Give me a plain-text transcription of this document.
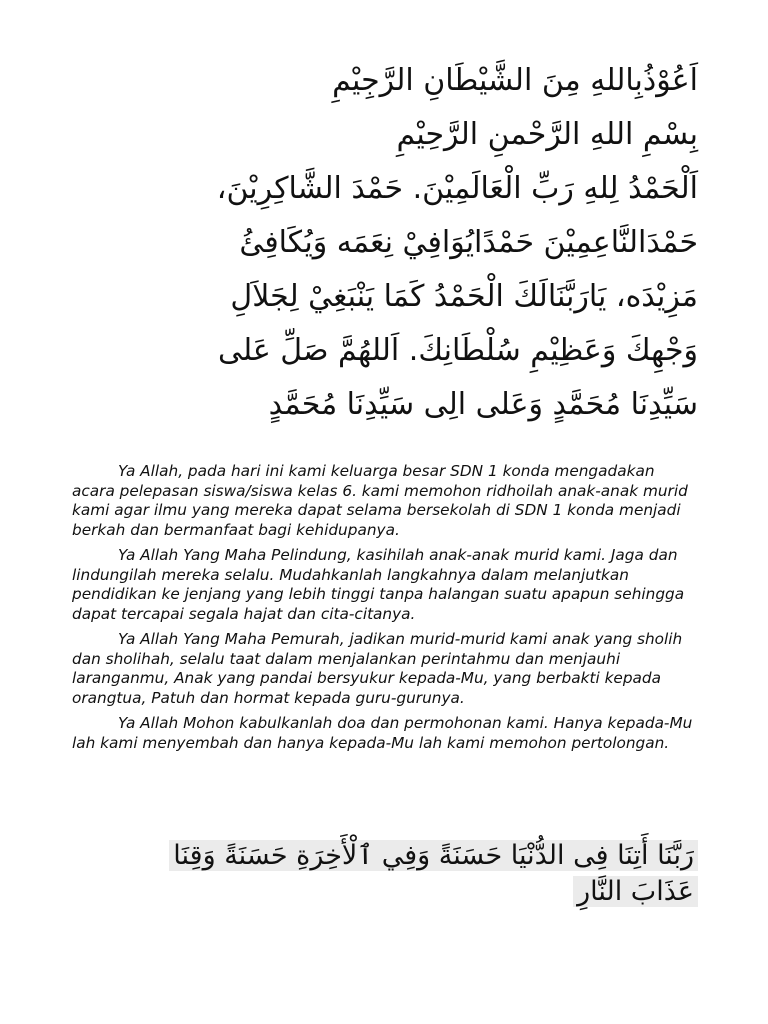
اَعُوْذُبِاللهِ مِنَ الشَّيْطَانِ الرَّجِيْمِ
بِسْمِ اللهِ الرَّحْمنِ الرَّحِيْمِ
اَلْحَمْدُ لِلهِ رَبِّ الْعَالَمِيْنَ. حَمْدَ الشَّاكِرِيْنَ،
حَمْدَالنَّاعِمِيْنَ حَمْدًايُوَافِيْ نِعَمَه وَيُكَافِئُ
مَزِيْدَه، يَارَبَّنَالَكَ الْحَمْدُ كَمَا يَنْبَغِيْ لِجَلاَلِ
وَجْهِكَ وَعَظِيْمِ سُلْطَانِكَ. اَللهُمَّ صَلِّ عَلى
سَيِّدِنَا مُحَمَّدٍ وَعَلى الِى سَيِّدِنَا مُحَمَّدٍ

Ya Allah, pada hari ini kami keluarga besar SDN 1 konda mengadakan acara pelepasan siswa/siswa kelas 6. kami memohon ridhoilah anak-anak murid kami agar ilmu yang mereka dapat selama bersekolah di SDN 1 konda menjadi berkah dan bermanfaat bagi kehidupanya.

Ya Allah Yang Maha Pelindung, kasihilah anak-anak murid kami. Jaga dan lindungilah mereka selalu. Mudahkanlah langkahnya dalam melanjutkan pendidikan ke jenjang yang lebih tinggi tanpa halangan suatu apapun sehingga dapat tercapai segala hajat dan cita-citanya.

Ya Allah Yang Maha Pemurah, jadikan murid-murid kami anak yang sholih dan sholihah, selalu taat dalam menjalankan perintahmu dan menjauhi laranganmu, Anak yang pandai bersyukur kepada-Mu, yang berbakti kepada orangtua, Patuh dan hormat kepada guru-gurunya.

Ya Allah Mohon kabulkanlah doa dan permohonan kami. Hanya kepada-Mu lah kami menyembah dan hanya kepada-Mu lah kami memohon pertolongan.

رَبَّنَا أَتِنَا فِى الدُّنْيَا حَسَنَةً وَفِي ٱلْأَخِرَةِ حَسَنَةً وَقِنَا
عَذَابَ النَّارِ
